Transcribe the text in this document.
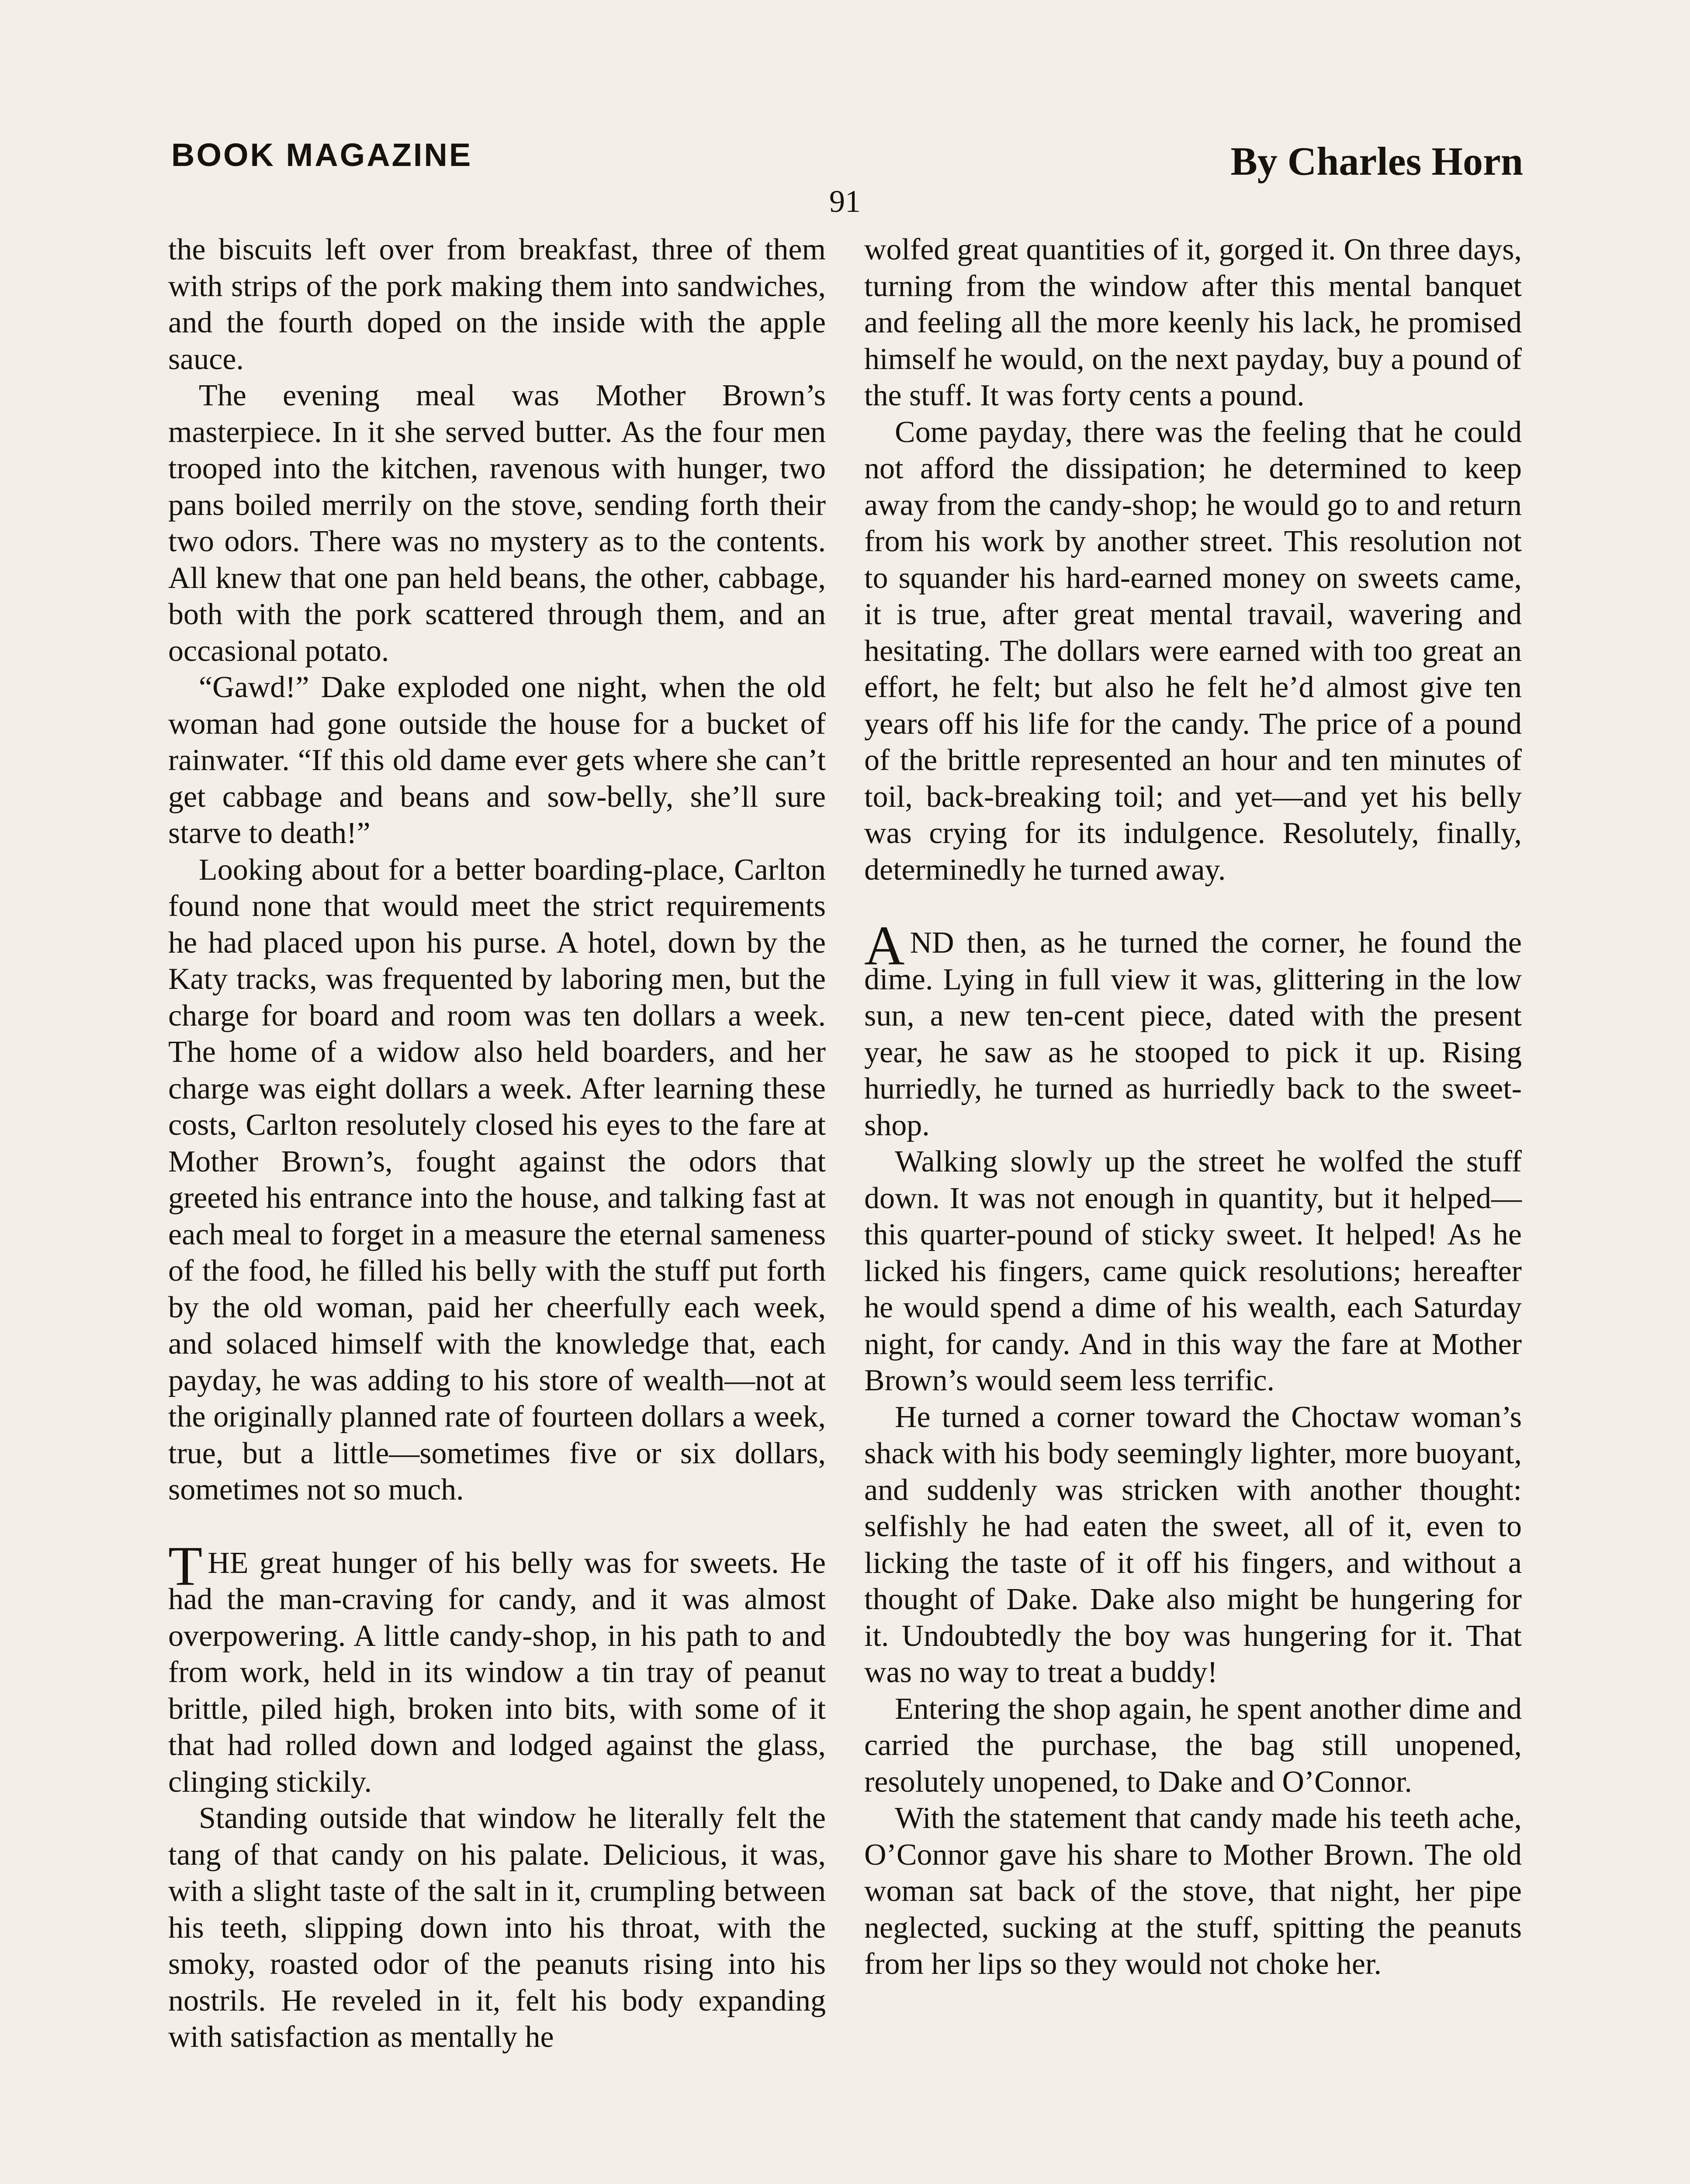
BOOK MAGAZINE	By Charles Horn
91

the biscuits left over from breakfast, three of them with strips of the pork making them into sandwiches, and the fourth doped on the inside with the apple sauce.

The evening meal was Mother Brown’s masterpiece. In it she served butter. As the four men trooped into the kitchen, ravenous with hunger, two pans boiled merrily on the stove, sending forth their two odors. There was no mystery as to the contents. All knew that one pan held beans, the other, cabbage, both with the pork scattered through them, and an occasional potato.

“Gawd!” Dake exploded one night, when the old woman had gone outside the house for a bucket of rainwater. “If this old dame ever gets where she can’t get cabbage and beans and sow-belly, she’ll sure starve to death!”

Looking about for a better boarding-place, Carlton found none that would meet the strict requirements he had placed upon his purse. A hotel, down by the Katy tracks, was frequented by laboring men, but the charge for board and room was ten dollars a week. The home of a widow also held boarders, and her charge was eight dollars a week. After learning these costs, Carlton resolutely closed his eyes to the fare at Mother Brown’s, fought against the odors that greeted his entrance into the house, and talking fast at each meal to forget in a measure the eternal sameness of the food, he filled his belly with the stuff put forth by the old woman, paid her cheerfully each week, and solaced himself with the knowledge that, each payday, he was adding to his store of wealth—not at the originally planned rate of fourteen dollars a week, true, but a little—sometimes five or six dollars, sometimes not so much.

THE great hunger of his belly was for sweets. He had the man-craving for candy, and it was almost overpowering. A little candy-shop, in his path to and from work, held in its window a tin tray of peanut brittle, piled high, broken into bits, with some of it that had rolled down and lodged against the glass, clinging stickily.

Standing outside that window he literally felt the tang of that candy on his palate. Delicious, it was, with a slight taste of the salt in it, crumpling between his teeth, slipping down into his throat, with the smoky, roasted odor of the peanuts rising into his nostrils. He reveled in it, felt his body expanding with satisfaction as mentally he

wolfed great quantities of it, gorged it. On three days, turning from the window after this mental banquet and feeling all the more keenly his lack, he promised himself he would, on the next payday, buy a pound of the stuff. It was forty cents a pound.

Come payday, there was the feeling that he could not afford the dissipation; he determined to keep away from the candy-shop; he would go to and return from his work by another street. This resolution not to squander his hard-earned money on sweets came, it is true, after great mental travail, wavering and hesitating. The dollars were earned with too great an effort, he felt; but also he felt he’d almost give ten years off his life for the candy. The price of a pound of the brittle represented an hour and ten minutes of toil, back-breaking toil; and yet—and yet his belly was crying for its indulgence. Resolutely, finally, determinedly he turned away.

AND then, as he turned the corner, he found the dime. Lying in full view it was, glittering in the low sun, a new ten-cent piece, dated with the present year, he saw as he stooped to pick it up. Rising hurriedly, he turned as hurriedly back to the sweet-shop.

Walking slowly up the street he wolfed the stuff down. It was not enough in quantity, but it helped—this quarter-pound of sticky sweet. It helped! As he licked his fingers, came quick resolutions; hereafter he would spend a dime of his wealth, each Saturday night, for candy. And in this way the fare at Mother Brown’s would seem less terrific.

He turned a corner toward the Choctaw woman’s shack with his body seemingly lighter, more buoyant, and suddenly was stricken with another thought: selfishly he had eaten the sweet, all of it, even to licking the taste of it off his fingers, and without a thought of Dake. Dake also might be hungering for it. Undoubtedly the boy was hungering for it. That was no way to treat a buddy!

Entering the shop again, he spent another dime and carried the purchase, the bag still unopened, resolutely unopened, to Dake and O’Connor.

With the statement that candy made his teeth ache, O’Connor gave his share to Mother Brown. The old woman sat back of the stove, that night, her pipe neglected, sucking at the stuff, spitting the peanuts from her lips so they would not choke her.
